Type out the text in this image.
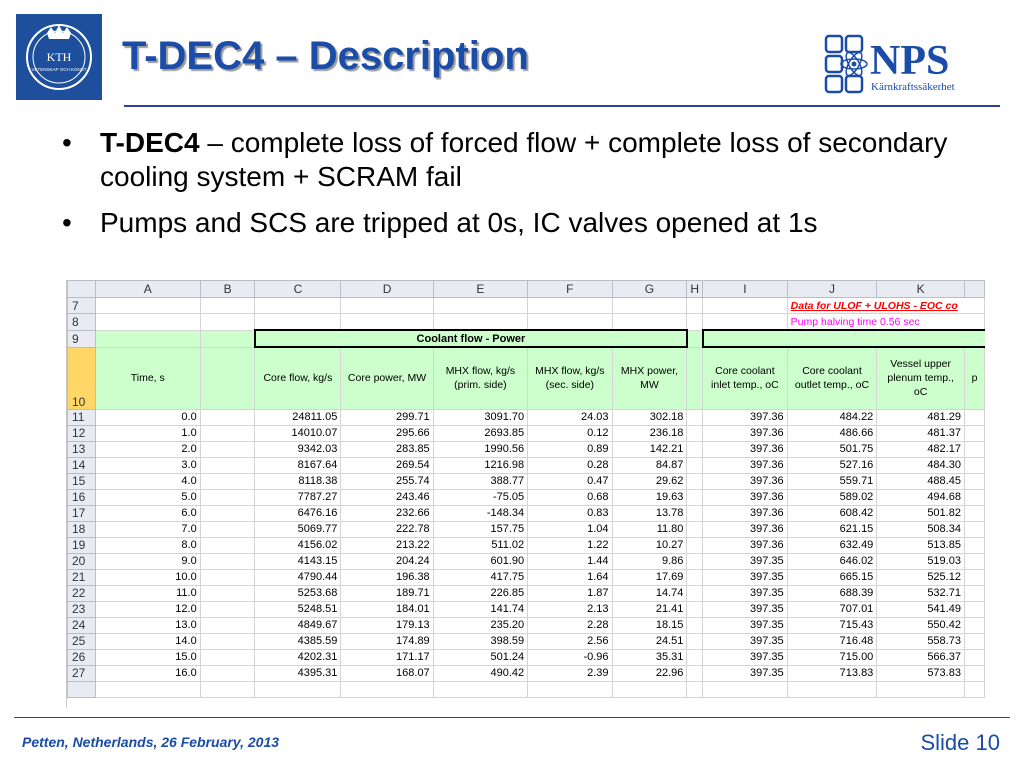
KTH
VETENSKAP OCH KONST T-DEC4 – Description	NPS
Kärnkraftssäkerhet
• T-DEC4 – complete loss of forced flow + complete loss of secondary cooling system + SCRAM fail
• Pumps and SCS are tripped at 0s, IC valves opened at 1s
	A	B	C	D	E	F	G	H	I	J	K	
7										Data for ULOF + ULOHS - EOC co		
8										Pump halving time 0.56 sec		
9			Coolant flow - Power									
10	Time, s		Core flow, kg/s	Core power, MW	MHX flow, kg/s (prim. side)	MHX flow, kg/s (sec. side)	MHX power, MW		Core coolant inlet temp., oC	Core coolant outlet temp., oC	Vessel upper plenum temp., oC	p
11	0.0		24811.05	299.71	3091.70	24.03	302.18		397.36	484.22	481.29	
12	1.0		14010.07	295.66	2693.85	0.12	236.18		397.36	486.66	481.37	
13	2.0		9342.03	283.85	1990.56	0.89	142.21		397.36	501.75	482.17	
14	3.0		8167.64	269.54	1216.98	0.28	84.87		397.36	527.16	484.30	
15	4.0		8118.38	255.74	388.77	0.47	29.62		397.36	559.71	488.45	
16	5.0		7787.27	243.46	-75.05	0.68	19.63		397.36	589.02	494.68	
17	6.0		6476.16	232.66	-148.34	0.83	13.78		397.36	608.42	501.82	
18	7.0		5069.77	222.78	157.75	1.04	11.80		397.36	621.15	508.34	
19	8.0		4156.02	213.22	511.02	1.22	10.27		397.36	632.49	513.85	
20	9.0		4143.15	204.24	601.90	1.44	9.86		397.35	646.02	519.03	
21	10.0		4790.44	196.38	417.75	1.64	17.69		397.35	665.15	525.12	
22	11.0		5253.68	189.71	226.85	1.87	14.74		397.35	688.39	532.71	
23	12.0		5248.51	184.01	141.74	2.13	21.41		397.35	707.01	541.49	
24	13.0		4849.67	179.13	235.20	2.28	18.15		397.35	715.43	550.42	
25	14.0		4385.59	174.89	398.59	2.56	24.51		397.35	716.48	558.73	
26	15.0		4202.31	171.17	501.24	-0.96	35.31		397.35	715.00	566.37	
27	16.0		4395.31	168.07	490.42	2.39	22.96		397.35	713.83	573.83	

Petten, Netherlands, 26 February, 2013	Slide 10
